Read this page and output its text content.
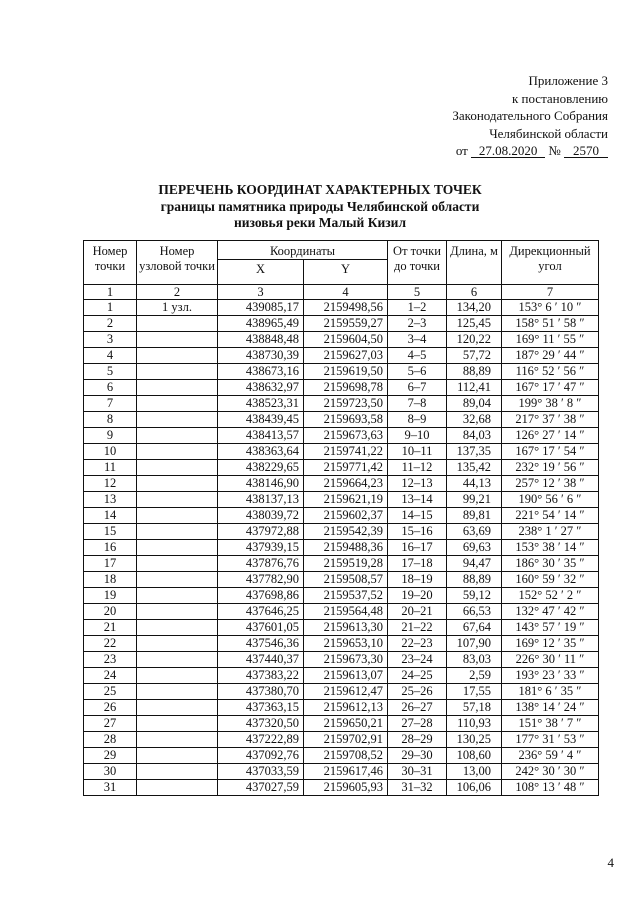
Приложение 3
к постановлению
Законодательного Собрания
Челябинской области
от 27.08.2020 № 2570
ПЕРЕЧЕНЬ КООРДИНАТ ХАРАКТЕРНЫХ ТОЧЕК
границы памятника природы Челябинской области
низовья реки Малый Кизил
Номер точки	Номер узловой точки	Координаты		От точки до точки	Длина, м	Дирекционный угол
		X	Y			
1	2	3	4	5	6	7
1	1 узл.	439085,17	2159498,56	1–2	134,20	153° 6 ′ 10 ″
2		438965,49	2159559,27	2–3	125,45	158° 51 ′ 58 ″
3		438848,48	2159604,50	3–4	120,22	169° 11 ′ 55 ″
4		438730,39	2159627,03	4–5	57,72	187° 29 ′ 44 ″
5		438673,16	2159619,50	5–6	88,89	116° 52 ′ 56 ″
6		438632,97	2159698,78	6–7	112,41	167° 17 ′ 47 ″
7		438523,31	2159723,50	7–8	89,04	199° 38 ′ 8 ″
8		438439,45	2159693,58	8–9	32,68	217° 37 ′ 38 ″
9		438413,57	2159673,63	9–10	84,03	126° 27 ′ 14 ″
10		438363,64	2159741,22	10–11	137,35	167° 17 ′ 54 ″
11		438229,65	2159771,42	11–12	135,42	232° 19 ′ 56 ″
12		438146,90	2159664,23	12–13	44,13	257° 12 ′ 38 ″
13		438137,13	2159621,19	13–14	99,21	190° 56 ′ 6 ″
14		438039,72	2159602,37	14–15	89,81	221° 54 ′ 14 ″
15		437972,88	2159542,39	15–16	63,69	238° 1 ′ 27 ″
16		437939,15	2159488,36	16–17	69,63	153° 38 ′ 14 ″
17		437876,76	2159519,28	17–18	94,47	186° 30 ′ 35 ″
18		437782,90	2159508,57	18–19	88,89	160° 59 ′ 32 ″
19		437698,86	2159537,52	19–20	59,12	152° 52 ′ 2 ″
20		437646,25	2159564,48	20–21	66,53	132° 47 ′ 42 ″
21		437601,05	2159613,30	21–22	67,64	143° 57 ′ 19 ″
22		437546,36	2159653,10	22–23	107,90	169° 12 ′ 35 ″
23		437440,37	2159673,30	23–24	83,03	226° 30 ′ 11 ″
24		437383,22	2159613,07	24–25	2,59	193° 23 ′ 33 ″
25		437380,70	2159612,47	25–26	17,55	181° 6 ′ 35 ″
26		437363,15	2159612,13	26–27	57,18	138° 14 ′ 24 ″
27		437320,50	2159650,21	27–28	110,93	151° 38 ′ 7 ″
28		437222,89	2159702,91	28–29	130,25	177° 31 ′ 53 ″
29		437092,76	2159708,52	29–30	108,60	236° 59 ′ 4 ″
30		437033,59	2159617,46	30–31	13,00	242° 30 ′ 30 ″
31		437027,59	2159605,93	31–32	106,06	108° 13 ′ 48 ″
4
